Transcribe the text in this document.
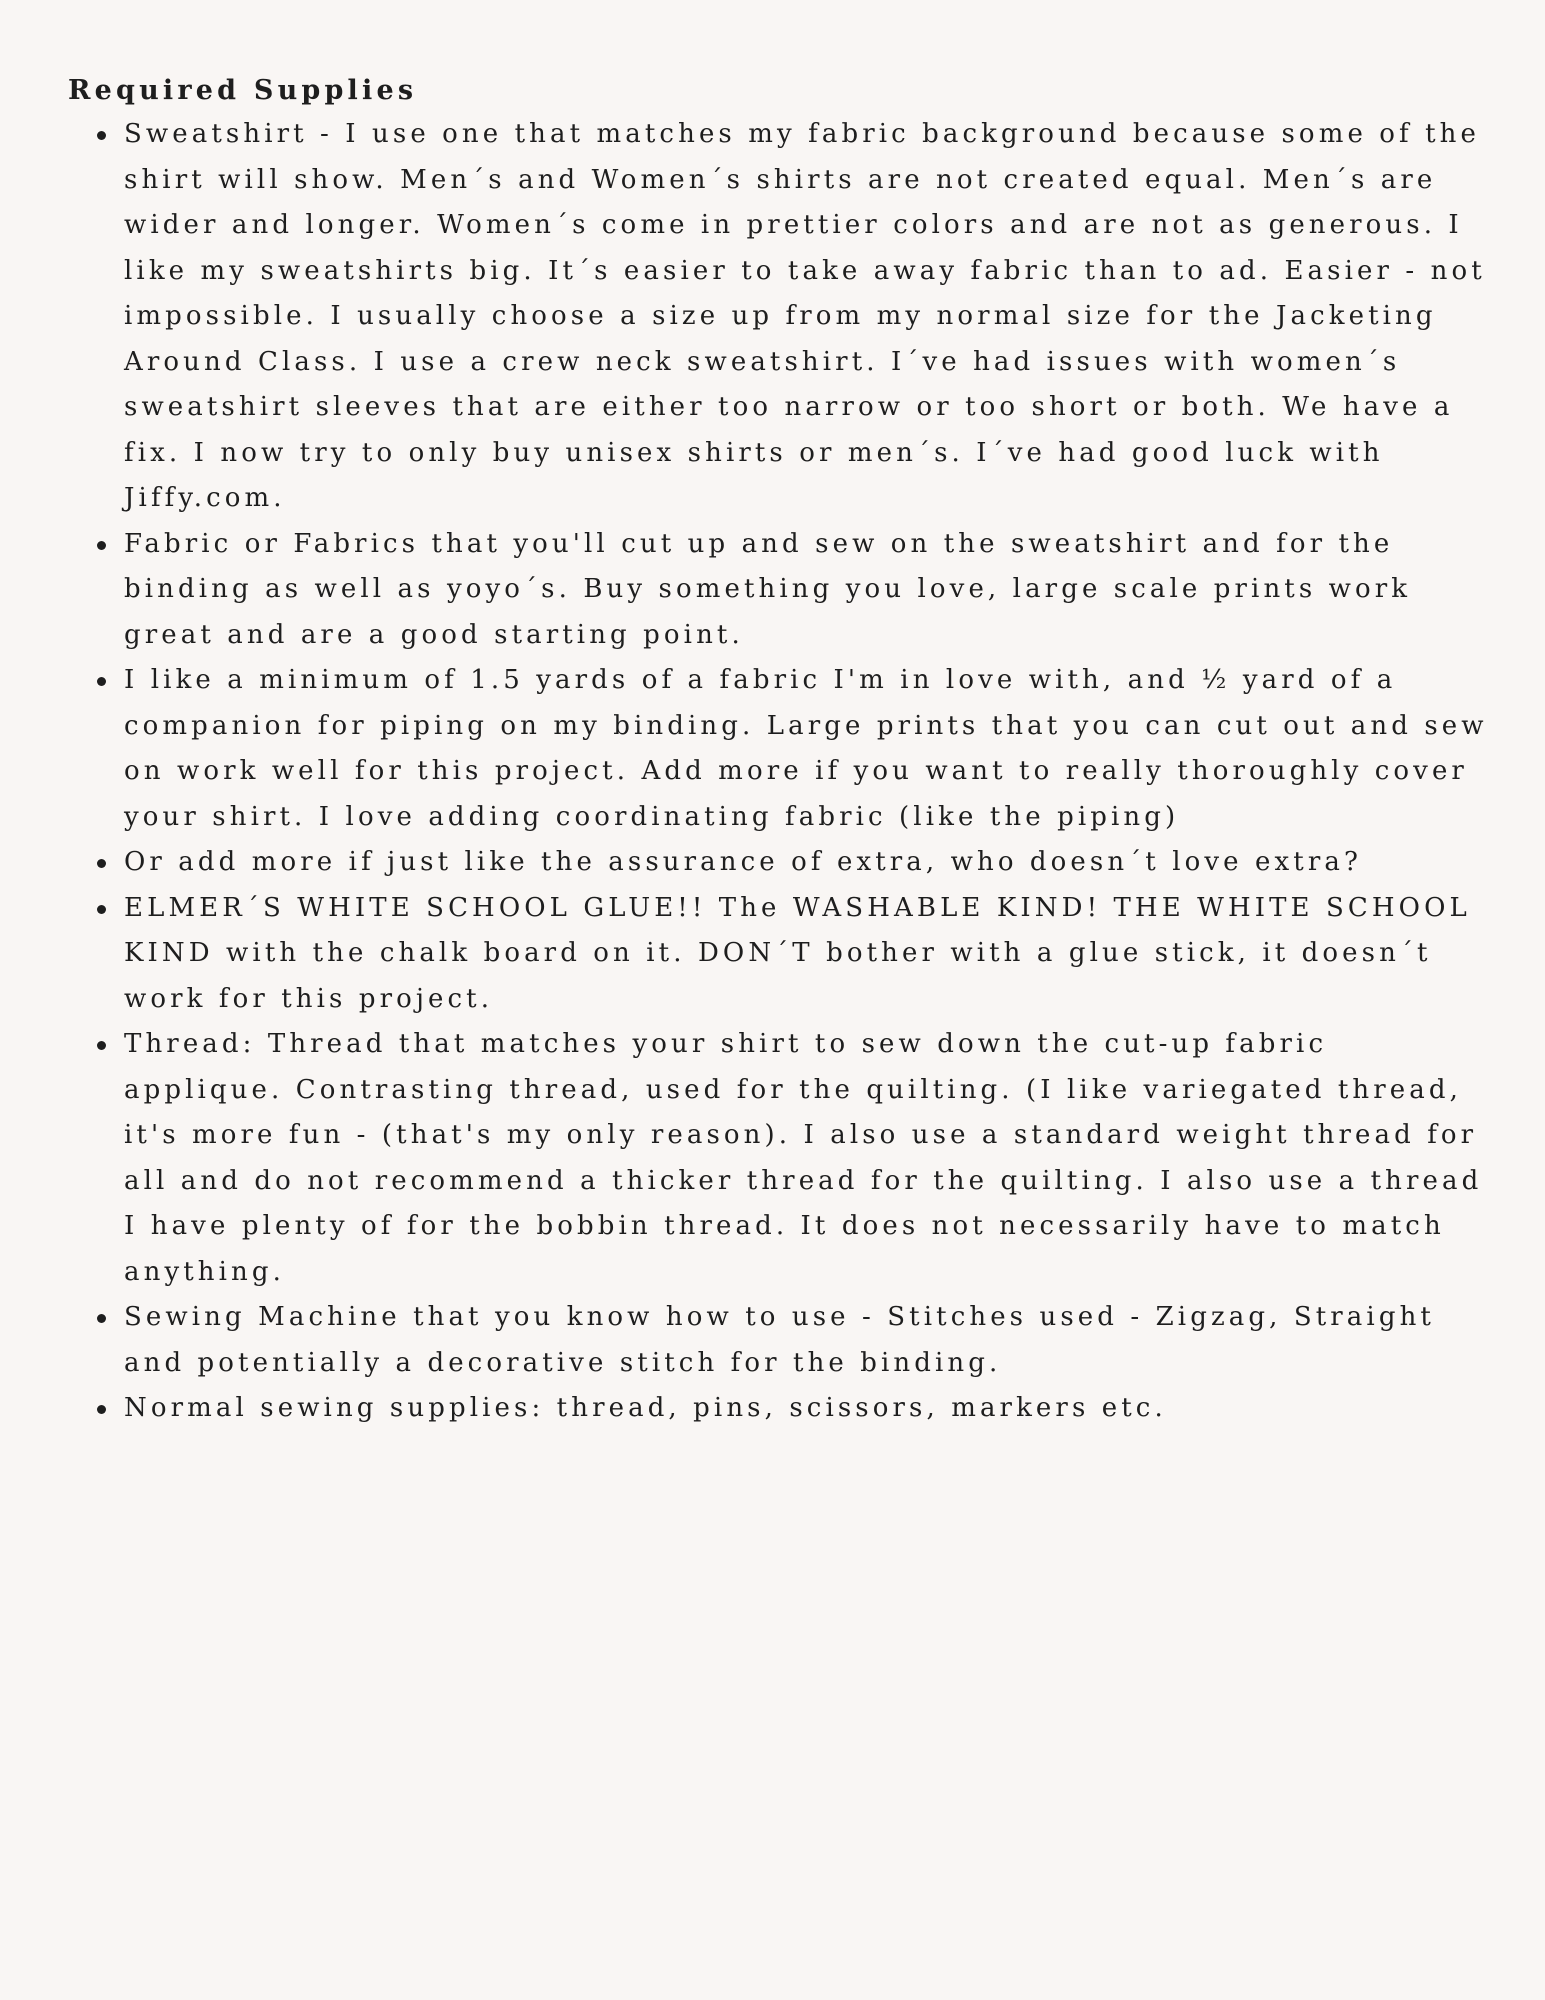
Required Supplies
Sweatshirt - I use one that matches my fabric background because some of the shirt will show. Men´s and Women´s shirts are not created equal. Men´s are wider and longer. Women´s come in prettier colors and are not as generous. I like my sweatshirts big. It´s easier to take away fabric than to ad. Easier - not impossible. I usually choose a size up from my normal size for the Jacketing Around Class. I use a crew neck sweatshirt. I´ve had issues with women´s sweatshirt sleeves that are either too narrow or too short or both. We have a fix. I now try to only buy unisex shirts or men´s. I´ve had good luck with Jiffy.com.
Fabric or Fabrics that you'll cut up and sew on the sweatshirt and for the binding as well as yoyo´s. Buy something you love, large scale prints work great and are a good starting point.
I like a minimum of 1.5 yards of a fabric I'm in love with, and ½ yard of a companion for piping on my binding. Large prints that you can cut out and sew on work well for this project. Add more if you want to really thoroughly cover your shirt. I love adding coordinating fabric (like the piping)
Or add more if just like the assurance of extra, who doesn´t love extra?
ELMER´S WHITE SCHOOL GLUE!! The WASHABLE KIND! THE WHITE SCHOOL KIND with the chalk board on it. DON´T bother with a glue stick, it doesn´t work for this project.
Thread: Thread that matches your shirt to sew down the cut-up fabric applique. Contrasting thread, used for the quilting. (I like variegated thread, it's more fun - (that's my only reason). I also use a standard weight thread for all and do not recommend a thicker thread for the quilting. I also use a thread I have plenty of for the bobbin thread. It does not necessarily have to match anything.
Sewing Machine that you know how to use - Stitches used - Zigzag, Straight and potentially a decorative stitch for the binding.
Normal sewing supplies: thread, pins, scissors, markers etc.
